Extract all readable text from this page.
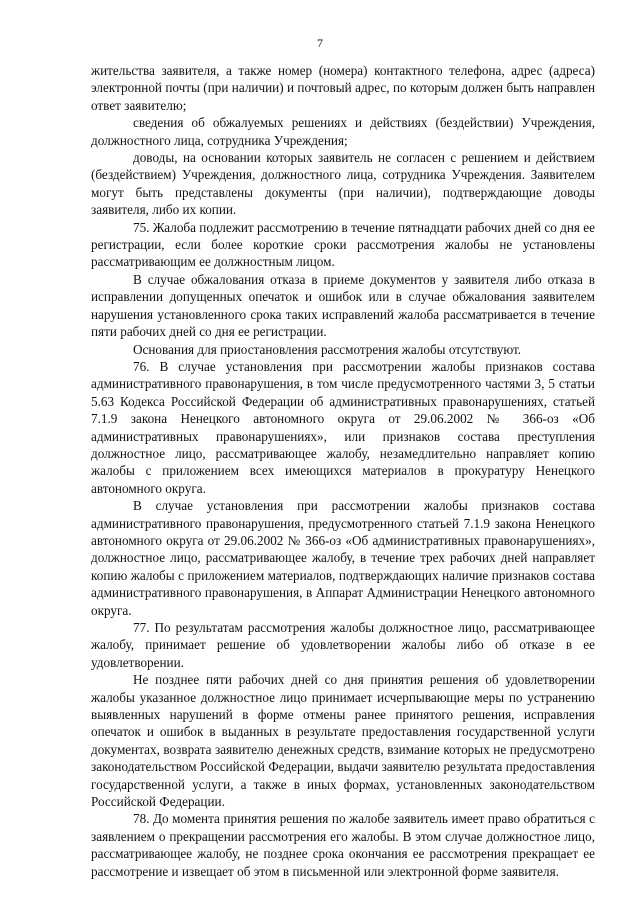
7

жительства заявителя, а также номер (номера) контактного телефона, адрес (адреса) электронной почты (при наличии) и почтовый адрес, по которым должен быть направлен ответ заявителю;

сведения об обжалуемых решениях и действиях (бездействии) Учреждения, должностного лица, сотрудника Учреждения;

доводы, на основании которых заявитель не согласен с решением и действием (бездействием) Учреждения, должностного лица, сотрудника Учреждения. Заявителем могут быть представлены документы (при наличии), подтверждающие доводы заявителя, либо их копии.

75. Жалоба подлежит рассмотрению в течение пятнадцати рабочих дней со дня ее регистрации, если более короткие сроки рассмотрения жалобы не установлены рассматривающим ее должностным лицом.

В случае обжалования отказа в приеме документов у заявителя либо отказа в исправлении допущенных опечаток и ошибок или в случае обжалования заявителем нарушения установленного срока таких исправлений жалоба рассматривается в течение пяти рабочих дней со дня ее регистрации.

Основания для приостановления рассмотрения жалобы отсутствуют.

76. В случае установления при рассмотрении жалобы признаков состава административного правонарушения, в том числе предусмотренного частями 3, 5 статьи 5.63 Кодекса Российской Федерации об административных правонарушениях, статьей 7.1.9 закона Ненецкого автономного округа от 29.06.2002 № 366-оз «Об административных правонарушениях», или признаков состава преступления должностное лицо, рассматривающее жалобу, незамедлительно направляет копию жалобы с приложением всех имеющихся материалов в прокуратуру Ненецкого автономного округа.

В случае установления при рассмотрении жалобы признаков состава административного правонарушения, предусмотренного статьей 7.1.9 закона Ненецкого автономного округа от 29.06.2002 № 366-оз «Об административных правонарушениях», должностное лицо, рассматривающее жалобу, в течение трех рабочих дней направляет копию жалобы с приложением материалов, подтверждающих наличие признаков состава административного правонарушения, в Аппарат Администрации Ненецкого автономного округа.

77. По результатам рассмотрения жалобы должностное лицо, рассматривающее жалобу, принимает решение об удовлетворении жалобы либо об отказе в ее удовлетворении.

Не позднее пяти рабочих дней со дня принятия решения об удовлетворении жалобы указанное должностное лицо принимает исчерпывающие меры по устранению выявленных нарушений в форме отмены ранее принятого решения, исправления опечаток и ошибок в выданных в результате предоставления государственной услуги документах, возврата заявителю денежных средств, взимание которых не предусмотрено законодательством Российской Федерации, выдачи заявителю результата предоставления государственной услуги, а также в иных формах, установленных законодательством Российской Федерации.

78. До момента принятия решения по жалобе заявитель имеет право обратиться с заявлением о прекращении рассмотрения его жалобы. В этом случае должностное лицо, рассматривающее жалобу, не позднее срока окончания ее рассмотрения прекращает ее рассмотрение и извещает об этом в письменной или электронной форме заявителя.
